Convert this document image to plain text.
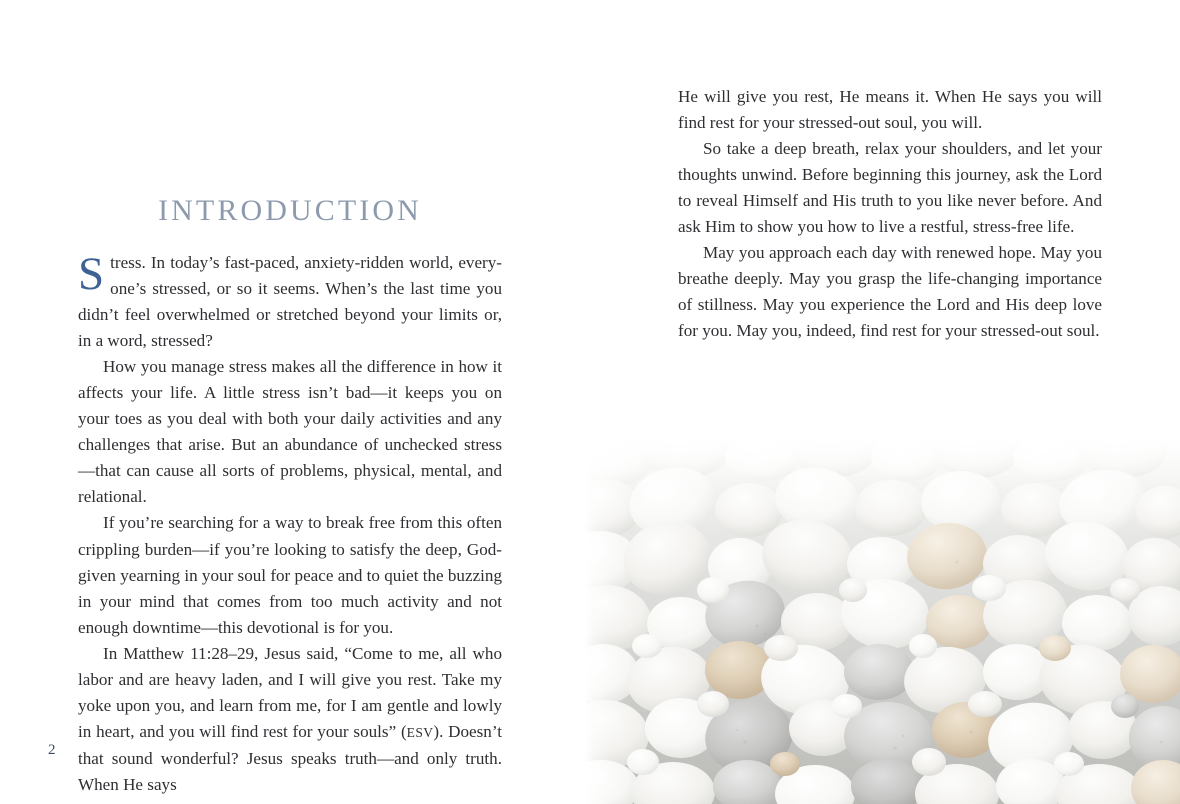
INTRODUCTION

Stress. In today’s fast-paced, anxiety-ridden world, every-one’s stressed, or so it seems. When’s the last time you didn’t feel overwhelmed or stretched beyond your limits or, in a word, stressed?

How you manage stress makes all the difference in how it affects your life. A little stress isn’t bad—it keeps you on your toes as you deal with both your daily activities and any challenges that arise. But an abundance of unchecked stress—that can cause all sorts of problems, physical, mental, and relational.

If you’re searching for a way to break free from this often crippling burden—if you’re looking to satisfy the deep, God-given yearning in your soul for peace and to quiet the buzzing in your mind that comes from too much activity and not enough downtime—this devotional is for you.

In Matthew 11:28–29, Jesus said, “Come to me, all who labor and are heavy laden, and I will give you rest. Take my yoke upon you, and learn from me, for I am gentle and lowly in heart, and you will find rest for your souls” (ESV). Doesn’t that sound wonderful? Jesus speaks truth—and only truth. When He says

2

He will give you rest, He means it. When He says you will find rest for your stressed-out soul, you will.

So take a deep breath, relax your shoulders, and let your thoughts unwind. Before beginning this journey, ask the Lord to reveal Himself and His truth to you like never before. And ask Him to show you how to live a restful, stress-free life.

May you approach each day with renewed hope. May you breathe deeply. May you grasp the life-changing importance of stillness. May you experience the Lord and His deep love for you. May you, indeed, find rest for your stressed-out soul.
